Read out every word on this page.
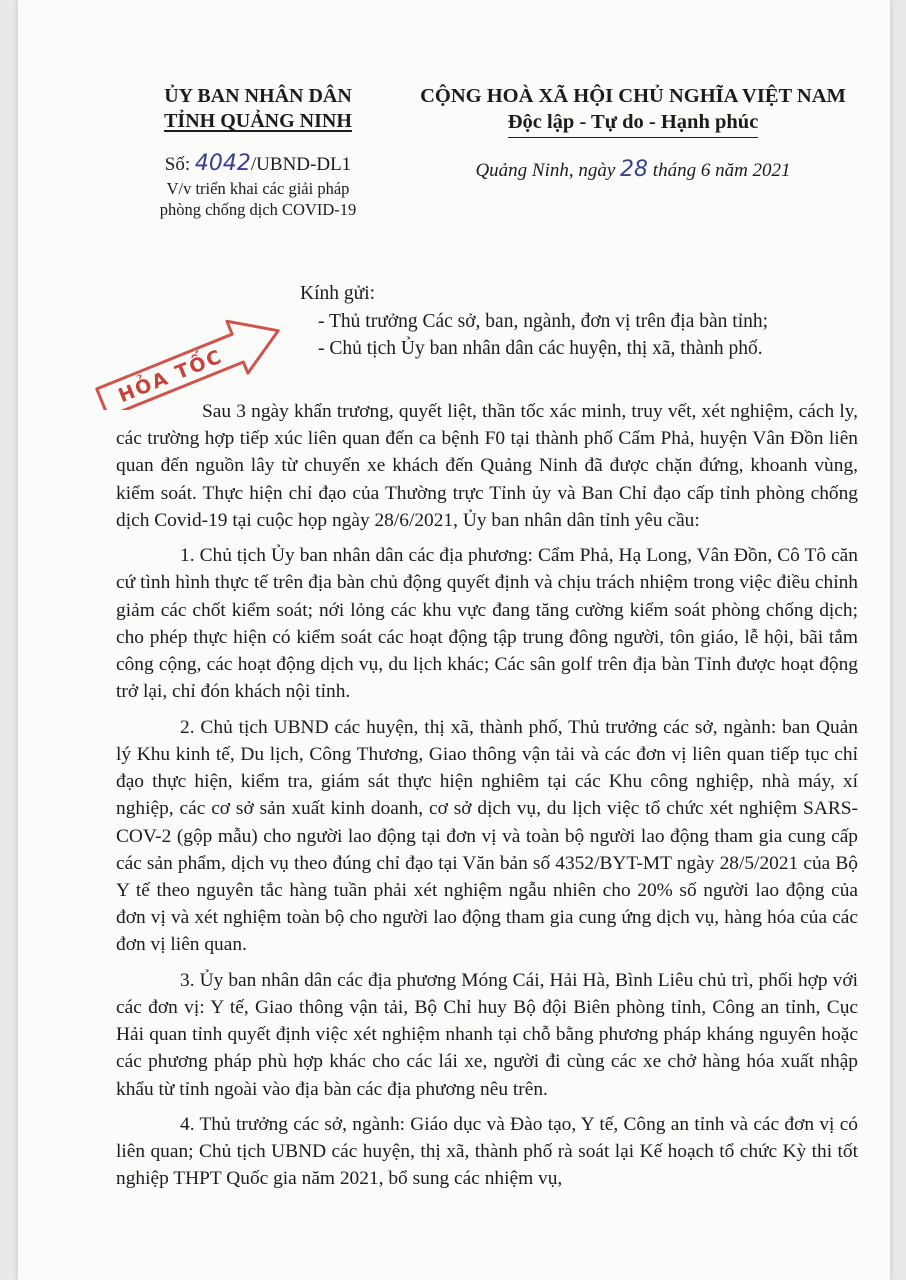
ỦY BAN NHÂN DÂN
TỈNH QUẢNG NINH
Số: 4042/UBND-DL1
V/v triển khai các giải pháp
phòng chống dịch COVID-19
CỘNG HOÀ XÃ HỘI CHỦ NGHĨA VIỆT NAM
Độc lập - Tự do - Hạnh phúc
Quảng Ninh, ngày 28 tháng 6 năm 2021
HỎA TỐC
Kính gửi:
- Thủ trưởng Các sở, ban, ngành, đơn vị trên địa bàn tỉnh;
- Chủ tịch Ủy ban nhân dân các huyện, thị xã, thành phố.

Sau 3 ngày khẩn trương, quyết liệt, thần tốc xác minh, truy vết, xét nghiệm, cách ly, các trường hợp tiếp xúc liên quan đến ca bệnh F0 tại thành phố Cẩm Phả, huyện Vân Đồn liên quan đến nguồn lây từ chuyến xe khách đến Quảng Ninh đã được chặn đứng, khoanh vùng, kiểm soát. Thực hiện chỉ đạo của Thường trực Tỉnh ủy và Ban Chỉ đạo cấp tỉnh phòng chống dịch Covid-19 tại cuộc họp ngày 28/6/2021, Ủy ban nhân dân tỉnh yêu cầu:

1. Chủ tịch Ủy ban nhân dân các địa phương: Cẩm Phả, Hạ Long, Vân Đồn, Cô Tô căn cứ tình hình thực tế trên địa bàn chủ động quyết định và chịu trách nhiệm trong việc điều chỉnh giảm các chốt kiểm soát; nới lỏng các khu vực đang tăng cường kiểm soát phòng chống dịch; cho phép thực hiện có kiểm soát các hoạt động tập trung đông người, tôn giáo, lễ hội, bãi tắm công cộng, các hoạt động dịch vụ, du lịch khác; Các sân golf trên địa bàn Tỉnh được hoạt động trở lại, chỉ đón khách nội tỉnh.

2. Chủ tịch UBND các huyện, thị xã, thành phố, Thủ trưởng các sở, ngành: ban Quản lý Khu kinh tế, Du lịch, Công Thương, Giao thông vận tải và các đơn vị liên quan tiếp tục chỉ đạo thực hiện, kiểm tra, giám sát thực hiện nghiêm tại các Khu công nghiệp, nhà máy, xí nghiệp, các cơ sở sản xuất kinh doanh, cơ sở dịch vụ, du lịch việc tổ chức xét nghiệm SARS-COV-2 (gộp mẫu) cho người lao động tại đơn vị và toàn bộ người lao động tham gia cung cấp các sản phẩm, dịch vụ theo đúng chỉ đạo tại Văn bản số 4352/BYT-MT ngày 28/5/2021 của Bộ Y tế theo nguyên tắc hàng tuần phải xét nghiệm ngẫu nhiên cho 20% số người lao động của đơn vị và xét nghiệm toàn bộ cho người lao động tham gia cung ứng dịch vụ, hàng hóa của các đơn vị liên quan.

3. Ủy ban nhân dân các địa phương Móng Cái, Hải Hà, Bình Liêu chủ trì, phối hợp với các đơn vị: Y tế, Giao thông vận tải, Bộ Chỉ huy Bộ đội Biên phòng tỉnh, Công an tỉnh, Cục Hải quan tỉnh quyết định việc xét nghiệm nhanh tại chỗ bằng phương pháp kháng nguyên hoặc các phương pháp phù hợp khác cho các lái xe, người đi cùng các xe chở hàng hóa xuất nhập khẩu từ tỉnh ngoài vào địa bàn các địa phương nêu trên.

4. Thủ trưởng các sở, ngành: Giáo dục và Đào tạo, Y tế, Công an tỉnh và các đơn vị có liên quan; Chủ tịch UBND các huyện, thị xã, thành phố rà soát lại Kế hoạch tổ chức Kỳ thi tốt nghiệp THPT Quốc gia năm 2021, bổ sung các nhiệm vụ,
